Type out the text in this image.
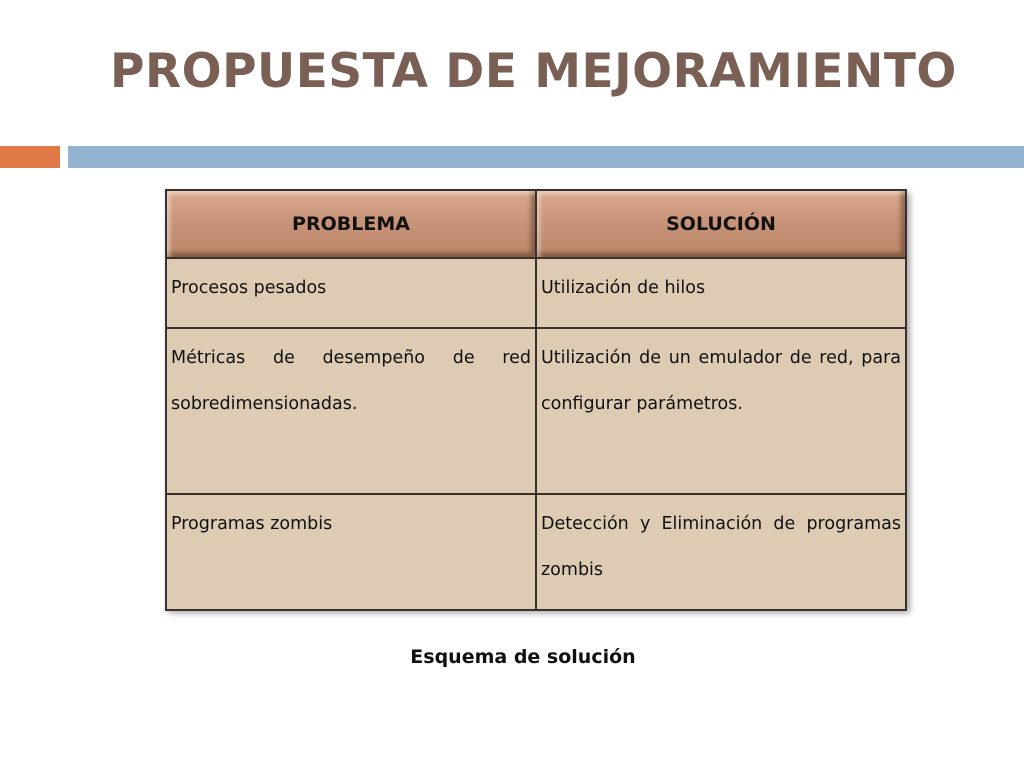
PROPUESTA DE MEJORAMIENTO
PROBLEMA	SOLUCIÓN

Procesos pesados	Utilización de hilos

Métricas de desempeño de red sobredimensionadas.	Utilización de un emulador de red, para configurar parámetros.

Programas zombis	Detección y Eliminación de programas zombis
Esquema de solución
